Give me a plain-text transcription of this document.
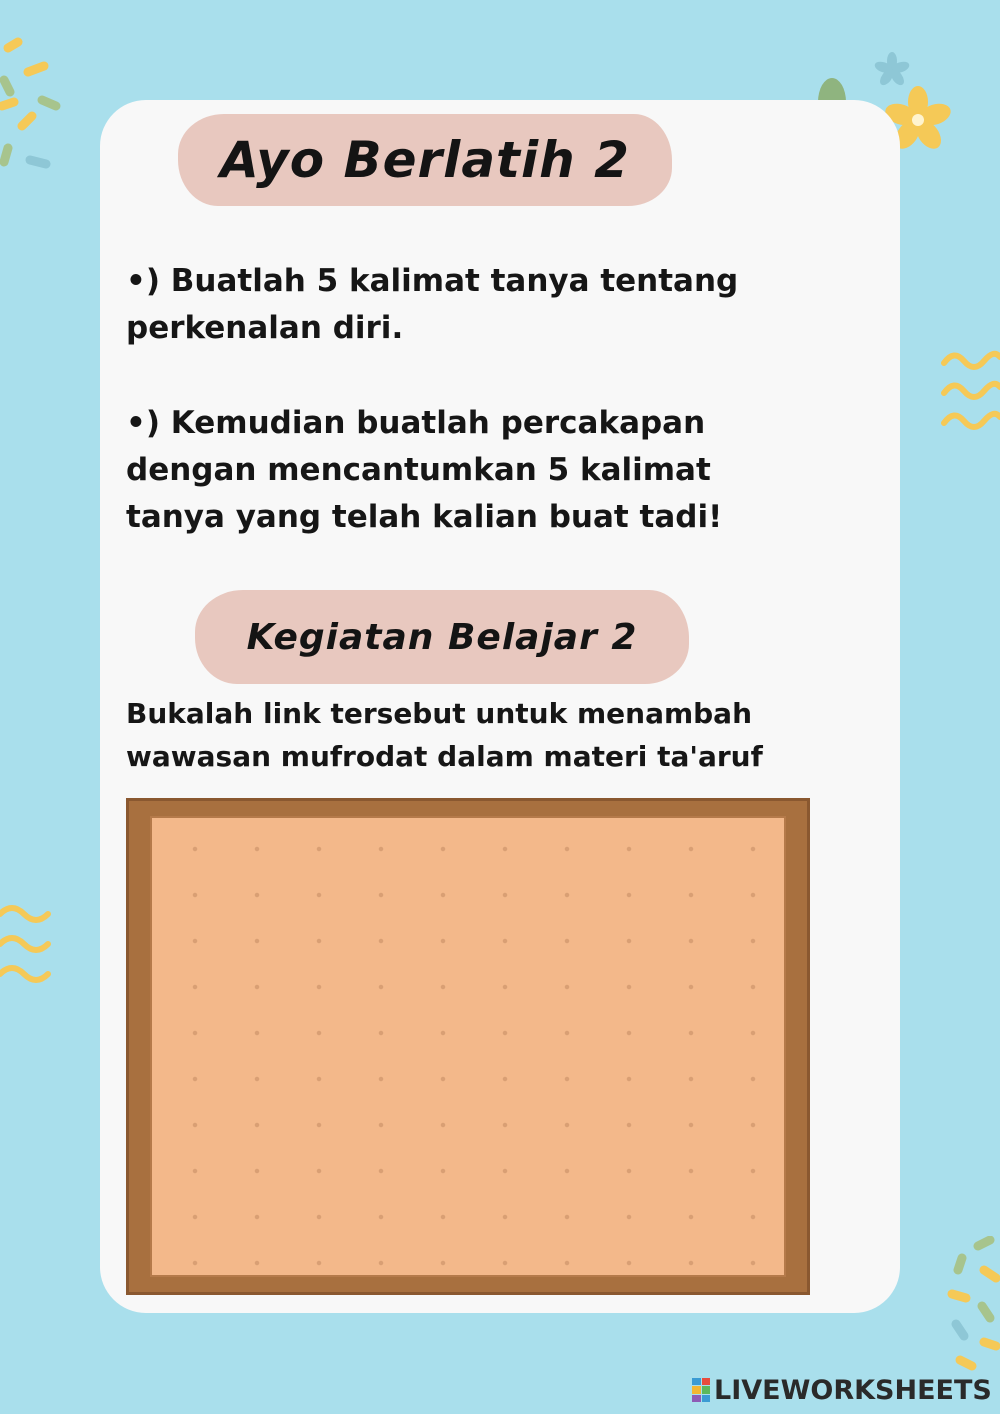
Ayo Berlatih 2
•) Buatlah 5 kalimat tanya tentang perkenalan diri.
•) Kemudian buatlah percakapan dengan mencantumkan 5 kalimat tanya yang telah kalian buat tadi!
Kegiatan Belajar 2
Bukalah link tersebut untuk menambah wawasan mufrodat dalam materi ta'aruf
LIVEWORKSHEETS
